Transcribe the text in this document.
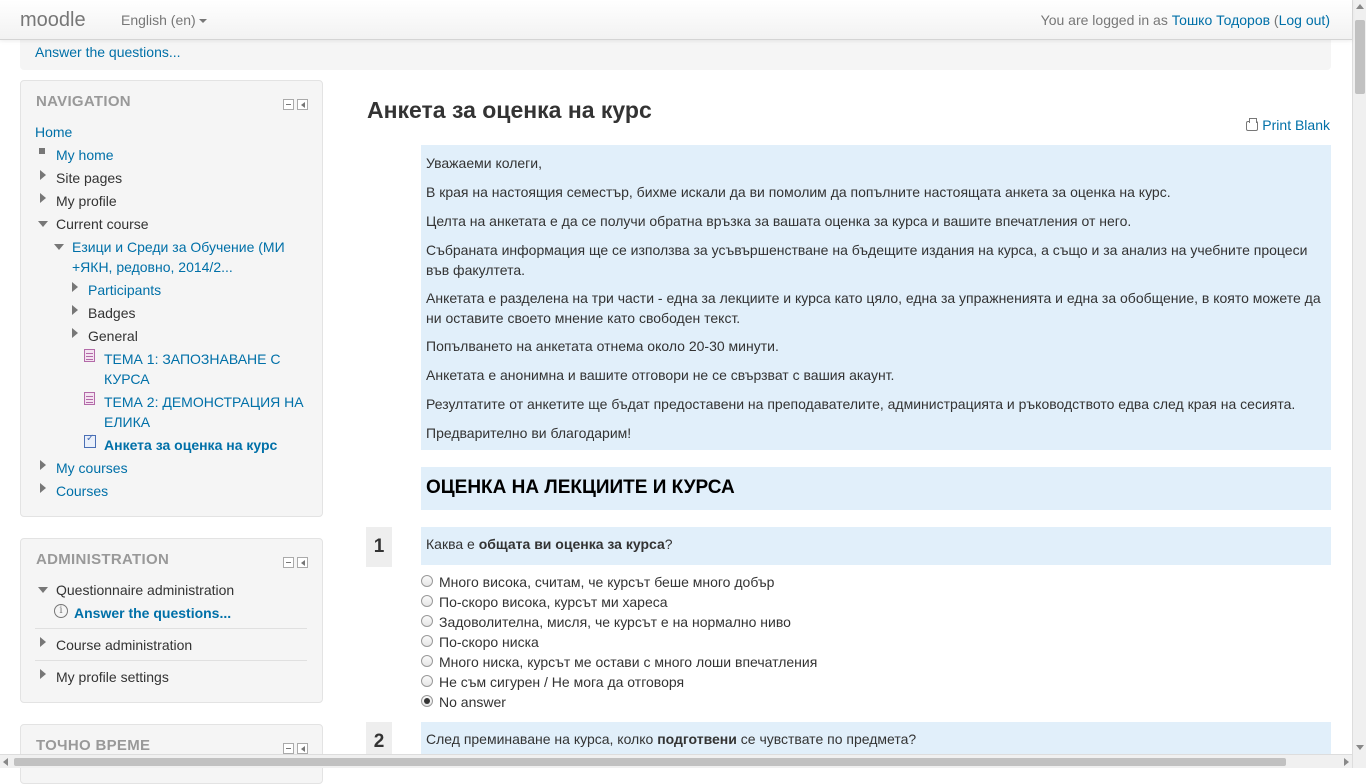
moodle	English (en)	You are logged in as Тошко Тодоров (Log out)
Answer the questions...
NAVIGATION
Home
My home
Site pages
My profile
Current course
Езици и Среди за Обучение (МИ
+ЯКН, редовно, 2014/2...
Participants
Badges
General
ТЕМА 1: ЗАПОЗНАВАНЕ С
КУРСА
ТЕМА 2: ДЕМОНСТРАЦИЯ НА
ЕЛИКА
✓
Анкета за оценка на курс
My courses
Courses
ADMINISTRATION
Questionnaire administration
i Answer the questions...
Course administration
My profile settings
ТОЧНО ВРЕМЕ
Анкета за оценка на курс
Print Blank

Уважаеми колеги,

В края на настоящия семестър, бихме искали да ви помолим да попълните настоящата анкета за оценка на курс.

Целта на анкетата е да се получи обратна връзка за вашата оценка за курса и вашите впечатления от него.

Събраната информация ще се използва за усъвършенстване на бъдещите издания на курса, а също и за анализ на учебните процеси във факултета.

Анкетата е разделена на три части - една за лекциите и курса като цяло, една за упражненията и една за обобщение, в която можете да ни оставите своето мнение като свободен текст.

Попълването на анкетата отнема около 20-30 минути.

Анкетата е анонимна и вашите отговори не се свързват с вашия акаунт.

Резултатите от анкетите ще бъдат предоставени на преподавателите, администрацията и ръководството едва след края на сесията.

Предварително ви благодарим!

ОЦЕНКА НА ЛЕКЦИИТЕ И КУРСА
1	Каква е общата ви оценка за курса?
Много висока, считам, че курсът беше много добър
По-скоро висока, курсът ми хареса
Задоволителна, мисля, че курсът е на нормално ниво
По-скоро ниска
Много ниска, курсът ме остави с много лоши впечатления
Не съм сигурен / Не мога да отговоря
No answer
2	След преминаване на курса, колко подготвени се чувствате по предмета?
